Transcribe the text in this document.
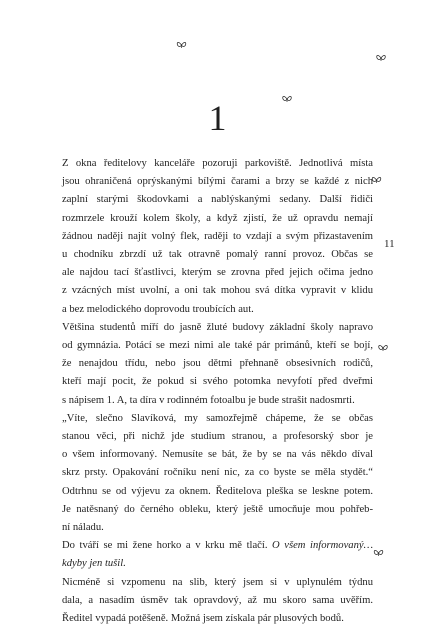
1
11

Z okna ředitelovy kanceláře pozoruji parkoviště. Jednotlivá místa
jsou ohraničená oprýskanými bílými čarami a brzy se každé z nich
zaplní starými škodovkami a nablýskanými sedany. Další řidiči
rozmrzele krouží kolem školy, a když zjistí, že už opravdu nemají
žádnou naději najít volný flek, raději to vzdají a svým přizastavením
u chodníku zbrzdí už tak otravně pomalý ranní provoz. Občas se
ale najdou tací šťastlivci, kterým se zrovna před jejich očima jedno
z vzácných míst uvolní, a oni tak mohou svá dítka vypravit v klidu
a bez melodického doprovodu troubících aut.

Většina studentů míří do jasně žluté budovy základní školy napravo
od gymnázia. Potácí se mezi nimi ale také pár primánů, kteří se bojí,
že nenajdou třídu, nebo jsou dětmi přehnaně obsesivních rodičů,
kteří mají pocit, že pokud si svého potomka nevyfotí před dveřmi
s nápisem 1. A, ta díra v rodinném fotoalbu je bude strašit nadosmrti.

„Víte, slečno Slavíková, my samozřejmě chápeme, že se občas
stanou věci, při nichž jde studium stranou, a profesorský sbor je
o všem informovaný. Nemusíte se bát, že by se na vás někdo díval
skrz prsty. Opakování ročníku není nic, za co byste se měla stydět.“
Odtrhnu se od výjevu za oknem. Ředitelova pleška se leskne potem.
Je natěsnaný do černého obleku, který ještě umocňuje mou pohřeb-
ní náladu.

Do tváří se mi žene horko a v krku mě tlačí. O všem informovaný…
kdyby jen tušil.

Nicméně si vzpomenu na slib, který jsem si v uplynulém týdnu
dala, a nasadím úsměv tak opravdový, až mu skoro sama uvěřím.
Ředitel vypadá potěšeně. Možná jsem získala pár plusových bodů.
